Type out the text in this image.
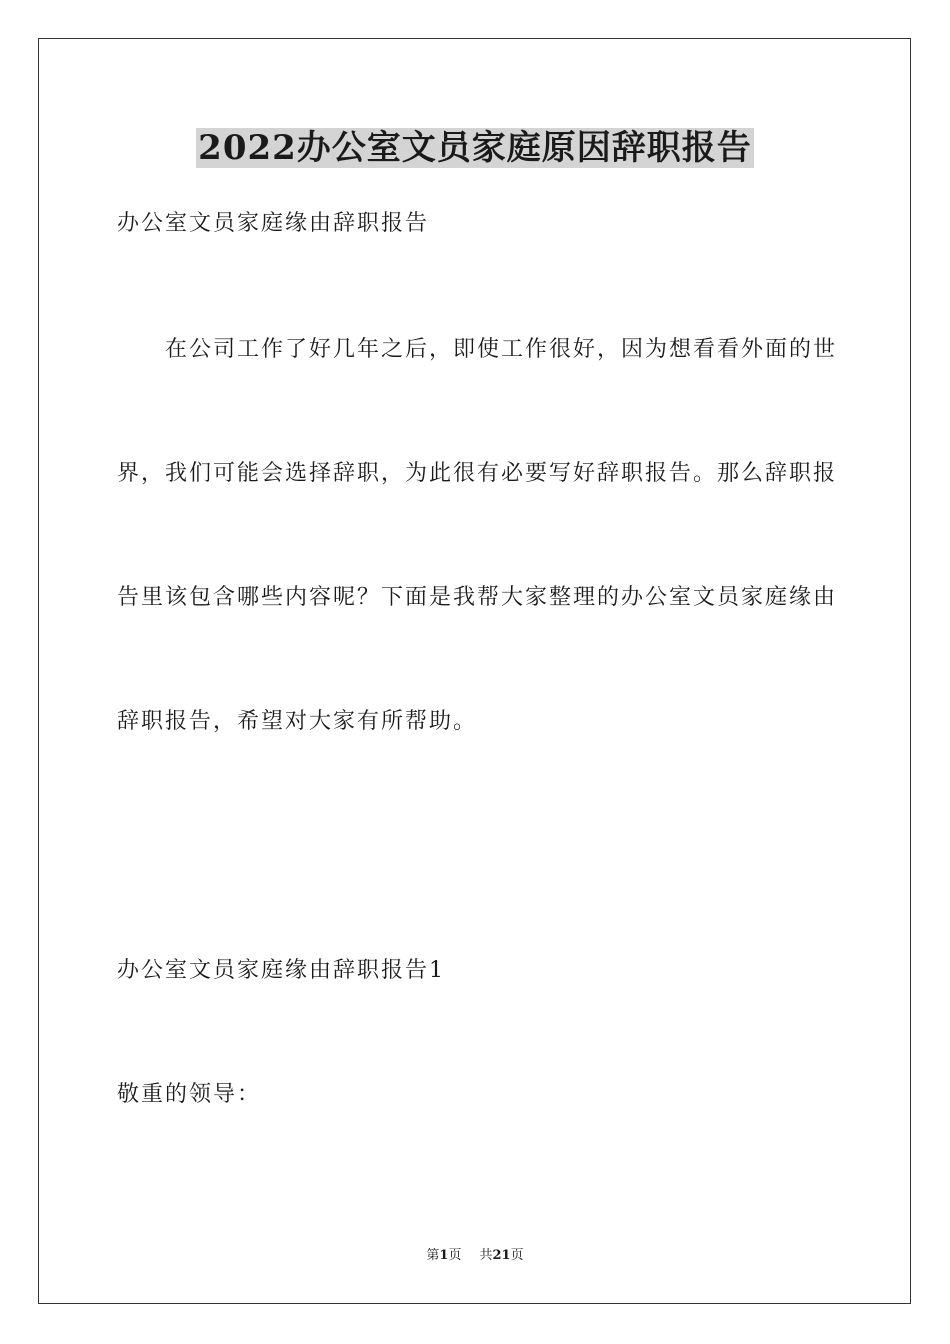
2022办公室文员家庭原因辞职报告
办公室文员家庭缘由辞职报告
在公司工作了好几年之后，即使工作很好，因为想看看外面的世
界，我们可能会选择辞职，为此很有必要写好辞职报告。那么辞职报
告里该包含哪些内容呢？下面是我帮大家整理的办公室文员家庭缘由
辞职报告，希望对大家有所帮助。
办公室文员家庭缘由辞职报告1
敬重的领导：
第1页 共21页
